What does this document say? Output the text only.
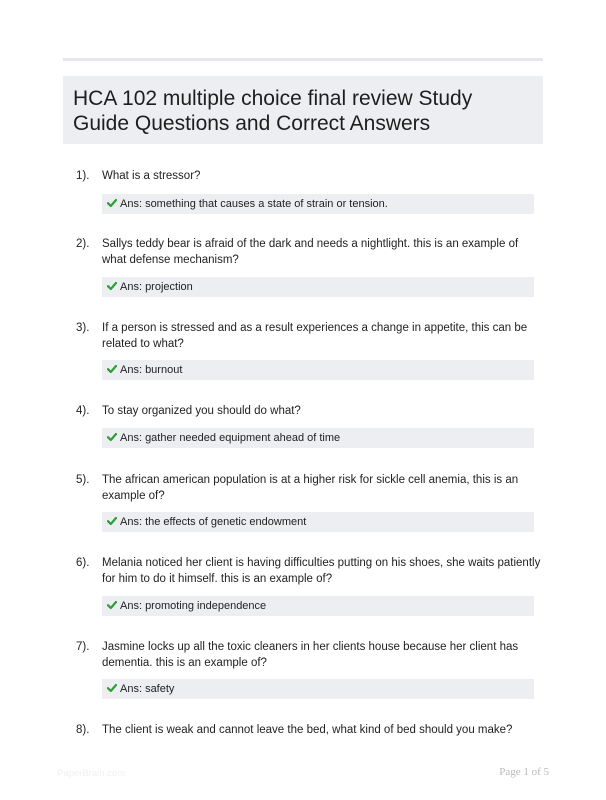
HCA 102 multiple choice final review Study Guide Questions and Correct Answers
1). What is a stressor?
Ans: something that causes a state of strain or tension.
2). Sallys teddy bear is afraid of the dark and needs a nightlight. this is an example of what defense mechanism?
Ans: projection
3). If a person is stressed and as a result experiences a change in appetite, this can be related to what?
Ans: burnout
4). To stay organized you should do what?
Ans: gather needed equipment ahead of time
5). The african american population is at a higher risk for sickle cell anemia, this is an example of?
Ans: the effects of genetic endowment
6). Melania noticed her client is having difficulties putting on his shoes, she waits patiently for him to do it himself. this is an example of?
Ans: promoting independence
7). Jasmine locks up all the toxic cleaners in her clients house because her client has dementia. this is an example of?
Ans: safety
8). The client is weak and cannot leave the bed, what kind of bed should you make?
PaperBrain.com	Page 1 of 5
